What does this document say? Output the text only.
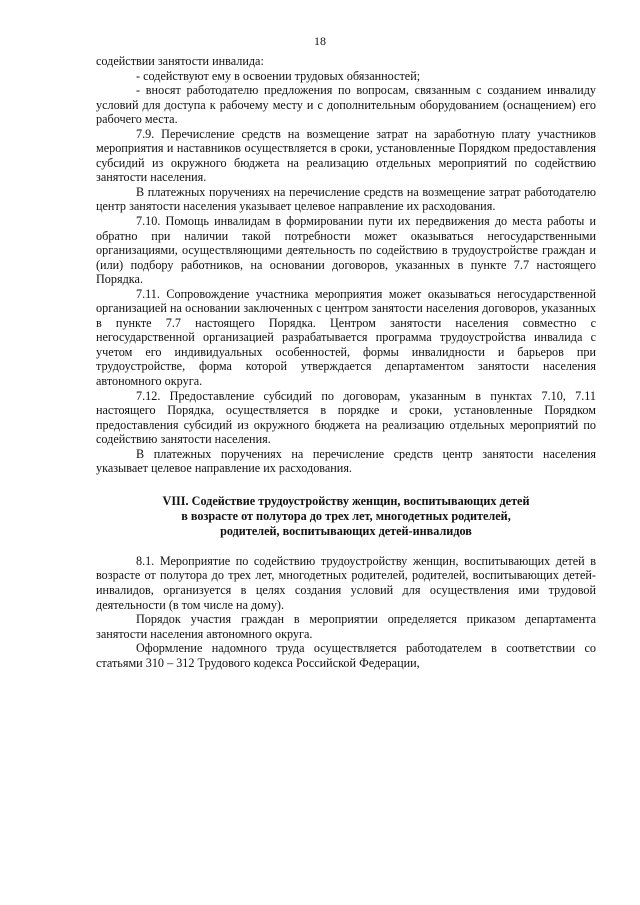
18

содействии занятости инвалида:

- содействуют ему в освоении трудовых обязанностей;

- вносят работодателю предложения по вопросам, связанным с созданием инвалиду условий для доступа к рабочему месту и с дополнительным оборудованием (оснащением) его рабочего места.

7.9. Перечисление средств на возмещение затрат на заработную плату участников мероприятия и наставников осуществляется в сроки, установленные Порядком предоставления субсидий из окружного бюджета на реализацию отдельных мероприятий по содействию занятости населения.

В платежных поручениях на перечисление средств на возмещение затрат работодателю центр занятости населения указывает целевое направление их расходования.

7.10. Помощь инвалидам в формировании пути их передвижения до места работы и обратно при наличии такой потребности может оказываться негосударственными организациями, осуществляющими деятельность по содействию в трудоустройстве граждан и (или) подбору работников, на основании договоров, указанных в пункте 7.7 настоящего Порядка.

7.11. Сопровождение участника мероприятия может оказываться негосударственной организацией на основании заключенных с центром занятости населения договоров, указанных в пункте 7.7 настоящего Порядка. Центром занятости населения совместно с негосударственной организацией разрабатывается программа трудоустройства инвалида с учетом его индивидуальных особенностей, формы инвалидности и барьеров при трудоустройстве, форма которой утверждается департаментом занятости населения автономного округа.

7.12. Предоставление субсидий по договорам, указанным в пунктах 7.10, 7.11 настоящего Порядка, осуществляется в порядке и сроки, установленные Порядком предоставления субсидий из окружного бюджета на реализацию отдельных мероприятий по содействию занятости населения.

В платежных поручениях на перечисление средств центр занятости населения указывает целевое направление их расходования.

VIII. Содействие трудоустройству женщин, воспитывающих детей
в возрасте от полутора до трех лет, многодетных родителей,
родителей, воспитывающих детей-инвалидов

8.1. Мероприятие по содействию трудоустройству женщин, воспитывающих детей в возрасте от полутора до трех лет, многодетных родителей, родителей, воспитывающих детей-инвалидов, организуется в целях создания условий для осуществления ими трудовой деятельности (в том числе на дому).

Порядок участия граждан в мероприятии определяется приказом департамента занятости населения автономного округа.

Оформление надомного труда осуществляется работодателем в соответствии со статьями 310 – 312 Трудового кодекса Российской Федерации,
